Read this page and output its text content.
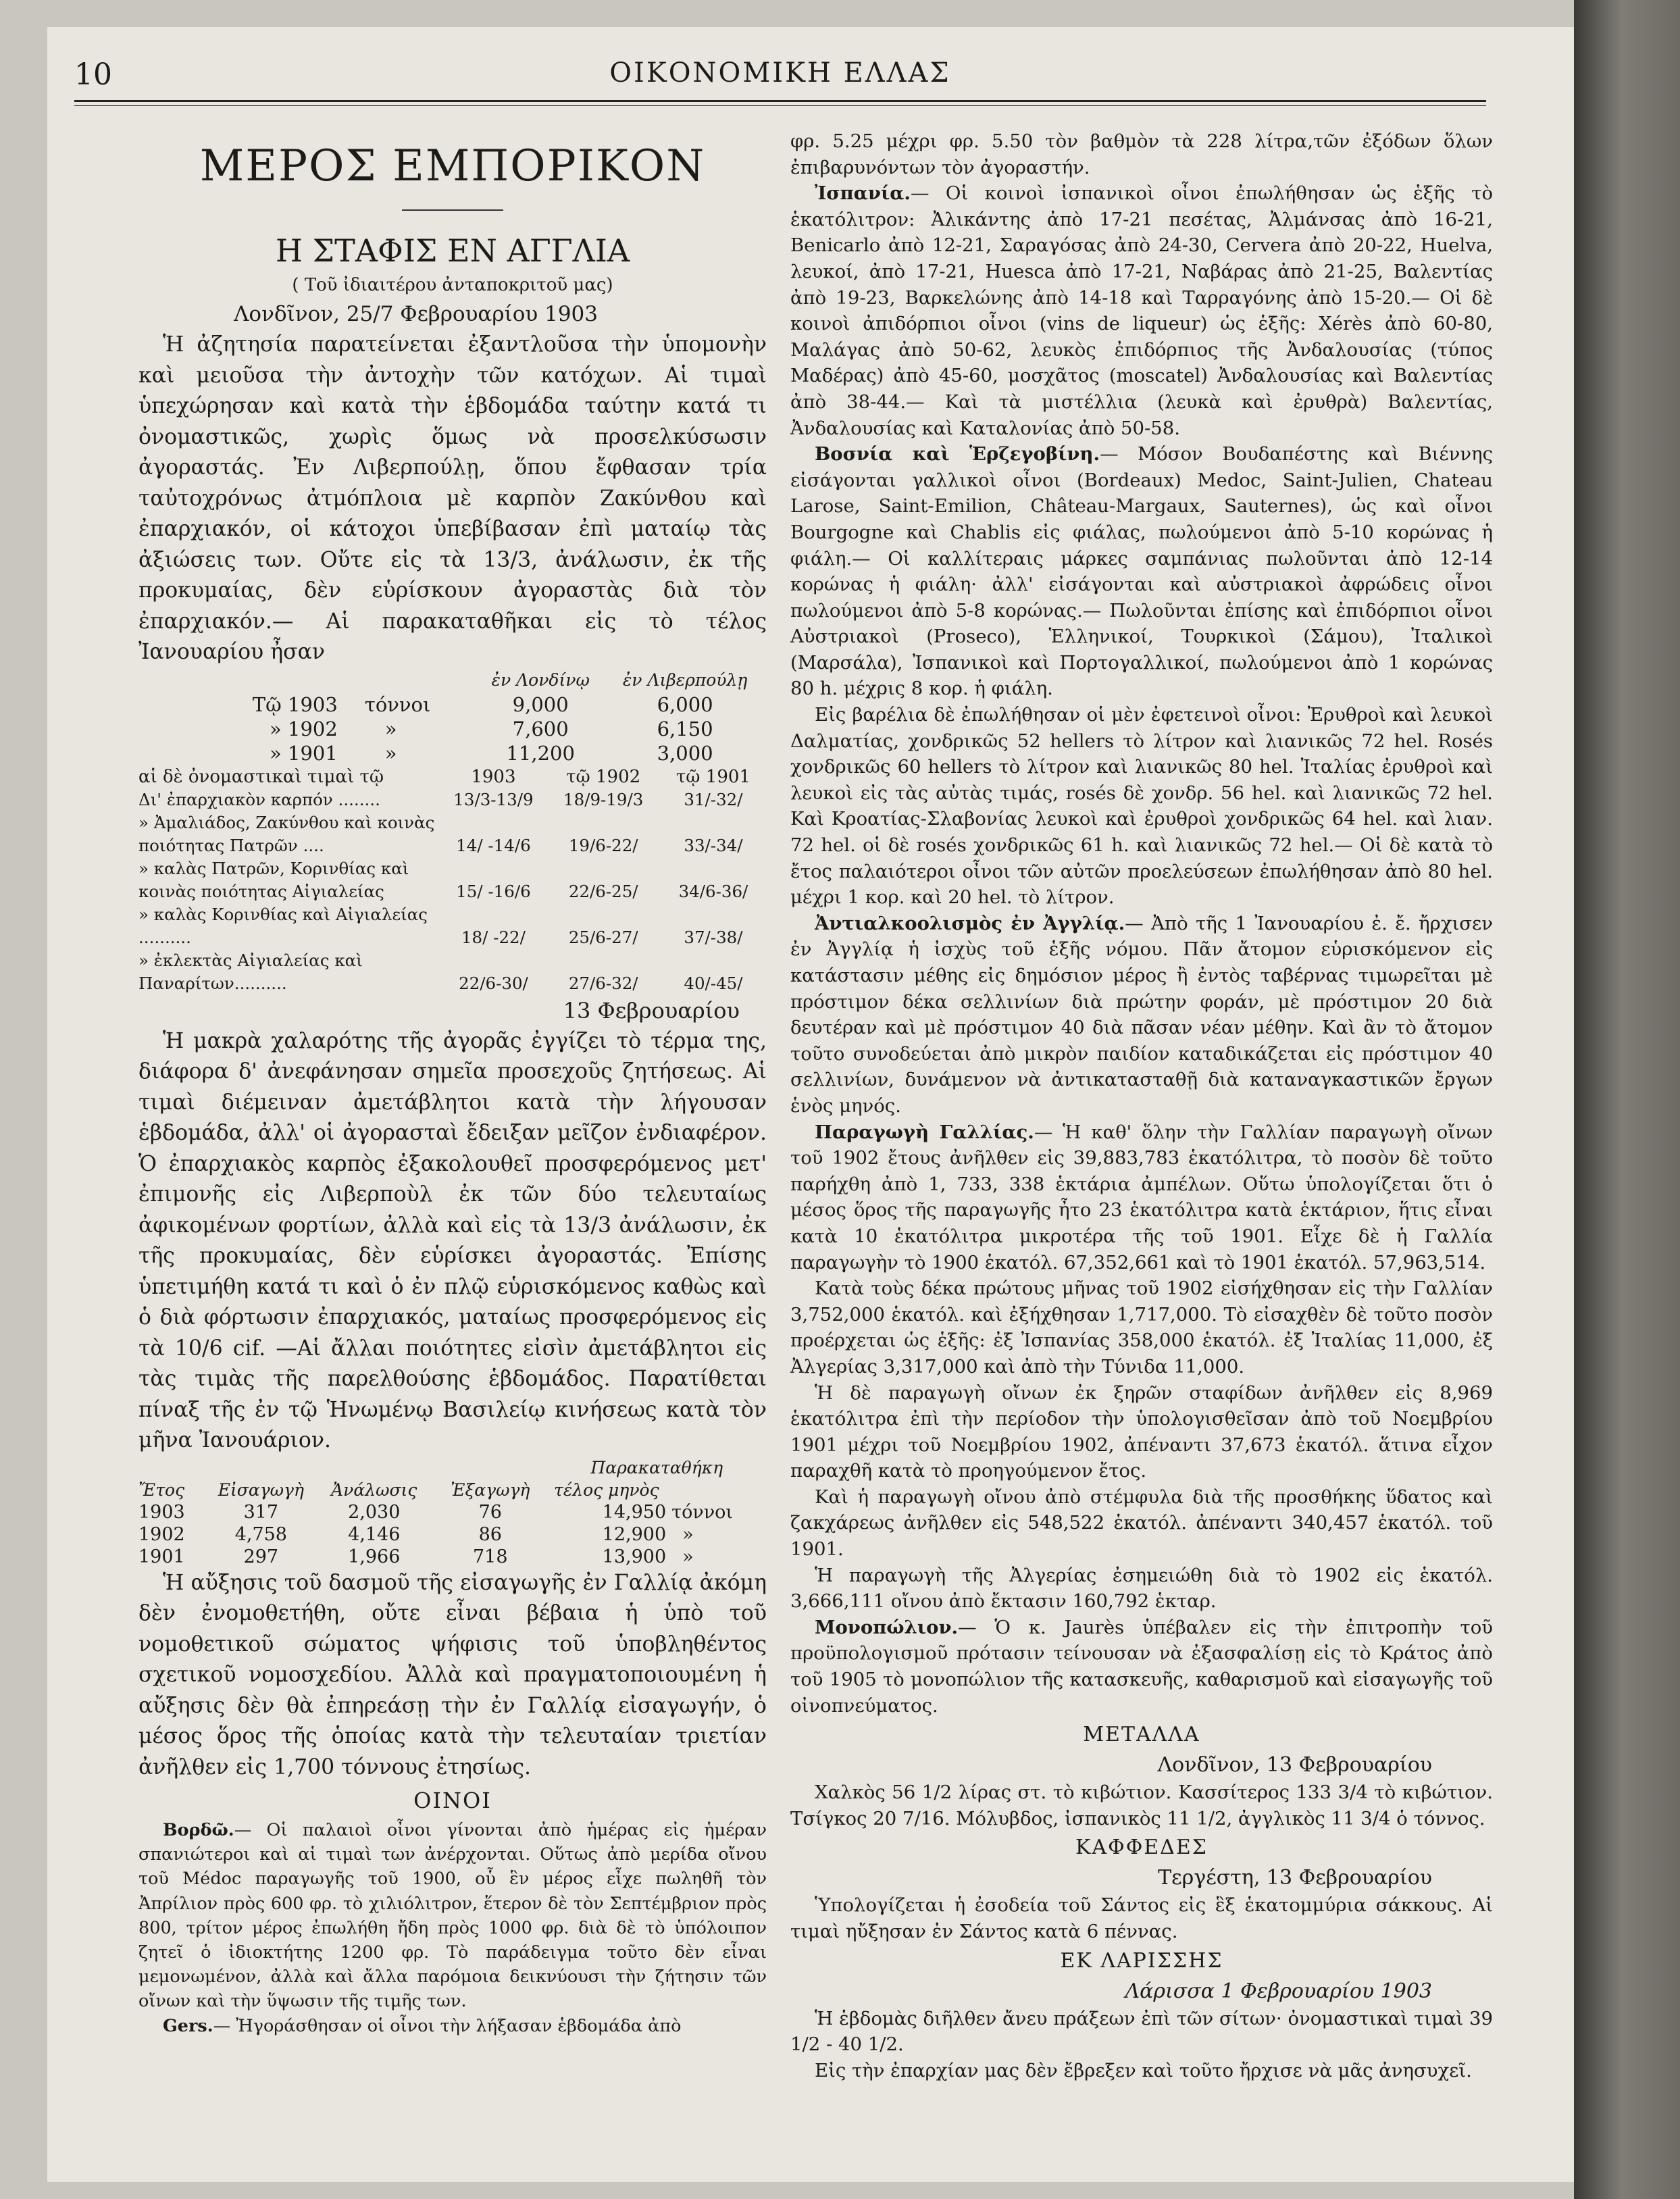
10	ΟΙΚΟΝΟΜΙΚΗ ΕΛΛΑΣ
ΜΕΡΟΣ ΕΜΠΟΡΙΚΟΝ
Η ΣΤΑΦΙΣ ΕΝ ΑΓΓΛΙΑ
( Τοῦ ἰδιαιτέρου ἀνταποκριτοῦ μας)
Λονδῖνον, 25/7 Φεβρουαρίου 1903

Ἡ ἀζητησία παρατείνεται ἐξαντλοῦσα τὴν ὑπομονὴν καὶ μειοῦσα τὴν ἀντοχὴν τῶν κατόχων. Αἱ τιμαὶ ὑπεχώρησαν καὶ κατὰ τὴν ἑβδομάδα ταύτην κατά τι ὀνομαστικῶς, χωρὶς ὅμως νὰ προσελκύσωσιν ἀγοραστάς. Ἐν Λιβερπούλῃ, ὅπου ἔφθασαν τρία ταὐτοχρόνως ἀτμόπλοια μὲ καρπὸν Ζακύνθου καὶ ἐπαρχιακόν, οἱ κάτοχοι ὑπεβίβασαν ἐπὶ ματαίῳ τὰς ἀξιώσεις των. Οὔτε εἰς τὰ 13/3, ἀνάλωσιν, ἐκ τῆς προκυμαίας, δὲν εὑρίσκουν ἀγοραστὰς διὰ τὸν ἐπαρχιακόν.— Αἱ παρακαταθῆκαι εἰς τὸ τέλος Ἰανουαρίου ἦσαν

		ἐν Λονδίνῳ	ἐν Λιβερπούλῃ
Τῷ 1903	τόννοι	9,000	6,000
» 1902	»	7,600	6,150
» 1901	»	11,200	3,000
αἱ δὲ ὀνομαστικαὶ τιμαὶ τῷ	1903	τῷ 1902	τῷ 1901
Δι' ἐπαρχιακὸν καρπόν ........	13/3-13/9	18/9-19/3	31/-32/
» Ἀμαλιάδος, Ζακύνθου καὶ κοινὰς ποιότητας Πατρῶν ....	14/ -14/6	19/6-22/	33/-34/
» καλὰς Πατρῶν, Κορινθίας καὶ κοινὰς ποιότητας Αἰγιαλείας	15/ -16/6	22/6-25/	34/6-36/
» καλὰς Κορινθίας καὶ Αἰγιαλείας ..........	18/ -22/	25/6-27/	37/-38/
» ἐκλεκτὰς Αἰγιαλείας καὶ Παναρίτων..........	22/6-30/	27/6-32/	40/-45/
13 Φεβρουαρίου

Ἡ μακρὰ χαλαρότης τῆς ἀγορᾶς ἐγγίζει τὸ τέρμα της, διάφορα δ' ἀνεφάνησαν σημεῖα προσεχοῦς ζητήσεως. Αἱ τιμαὶ διέμειναν ἀμετάβλητοι κατὰ τὴν λήγουσαν ἑβδομάδα, ἀλλ' οἱ ἀγορασταὶ ἔδειξαν μεῖζον ἐνδιαφέρον. Ὁ ἐπαρχιακὸς καρπὸς ἐξακολουθεῖ προσφερόμενος μετ' ἐπιμονῆς εἰς Λιβερποὺλ ἐκ τῶν δύο τελευταίως ἀφικομένων φορτίων, ἀλλὰ καὶ εἰς τὰ 13/3 ἀνάλωσιν, ἐκ τῆς προκυμαίας, δὲν εὑρίσκει ἀγοραστάς. Ἐπίσης ὑπετιμήθη κατά τι καὶ ὁ ἐν πλῷ εὑρισκόμενος καθὼς καὶ ὁ διὰ φόρτωσιν ἐπαρχιακός, ματαίως προσφερόμενος εἰς τὰ 10/6 cif. —Αἱ ἄλλαι ποιότητες εἰσὶν ἀμετάβλητοι εἰς τὰς τιμὰς τῆς παρελθούσης ἑβδομάδος. Παρατίθεται πίναξ τῆς ἐν τῷ Ἡνωμένῳ Βασιλείῳ κινήσεως κατὰ τὸν μῆνα Ἰανουάριον.

				Παρακαταθήκη	
Ἔτος	Εἰσαγωγὴ	Ἀνάλωσις	Ἐξαγωγὴ	τέλος μηνὸς	
1903	317	2,030	76	14,950	τόννοι
1902	4,758	4,146	86	12,900	»
1901	297	1,966	718	13,900	»

Ἡ αὔξησις τοῦ δασμοῦ τῆς εἰσαγωγῆς ἐν Γαλλίᾳ ἀκόμη δὲν ἐνομοθετήθη, οὔτε εἶναι βέβαια ἡ ὑπὸ τοῦ νομοθετικοῦ σώματος ψήφισις τοῦ ὑποβληθέντος σχετικοῦ νομοσχεδίου. Ἀλλὰ καὶ πραγματοποιουμένη ἡ αὔξησις δὲν θὰ ἐπηρεάσῃ τὴν ἐν Γαλλίᾳ εἰσαγωγήν, ὁ μέσος ὅρος τῆς ὁποίας κατὰ τὴν τελευταίαν τριετίαν ἀνῆλθεν εἰς 1,700 τόννους ἐτησίως.

ΟΙΝΟΙ

Βορδῶ.— Οἱ παλαιοὶ οἶνοι γίνονται ἀπὸ ἡμέρας εἰς ἡμέραν σπανιώτεροι καὶ αἱ τιμαὶ των ἀνέρχονται. Οὕτως ἀπὸ μερίδα οἴνου τοῦ Médoc παραγωγῆς τοῦ 1900, οὗ ἓν μέρος εἶχε πωληθῆ τὸν Ἀπρίλιον πρὸς 600 φρ. τὸ χιλιόλιτρον, ἕτερον δὲ τὸν Σεπτέμβριον πρὸς 800, τρίτον μέρος ἐπωλήθη ἤδη πρὸς 1000 φρ. διὰ δὲ τὸ ὑπόλοιπον ζητεῖ ὁ ἰδιοκτήτης 1200 φρ. Τὸ παράδειγμα τοῦτο δὲν εἶναι μεμονωμένον, ἀλλὰ καὶ ἄλλα παρόμοια δεικνύουσι τὴν ζήτησιν τῶν οἴνων καὶ τὴν ὕψωσιν τῆς τιμῆς των.

Gers.— Ἠγοράσθησαν οἱ οἶνοι τὴν λήξασαν ἑβδομάδα ἀπὸ

φρ. 5.25 μέχρι φρ. 5.50 τὸν βαθμὸν τὰ 228 λίτρα,τῶν ἐξόδων ὅλων ἐπιβαρυνόντων τὸν ἀγοραστήν.

Ἰσπανία.— Οἱ κοινοὶ ἰσπανικοὶ οἶνοι ἐπωλήθησαν ὡς ἑξῆς τὸ ἑκατόλιτρον: Ἀλικάντης ἀπὸ 17-21 πεσέτας, Ἀλμάνσας ἀπὸ 16-21, Benicarlo ἀπὸ 12-21, Σαραγόσας ἀπὸ 24-30, Cervera ἀπὸ 20-22, Huelva, λευκοί, ἀπὸ 17-21, Huesca ἀπὸ 17-21, Ναβάρας ἀπὸ 21-25, Βαλεντίας ἀπὸ 19-23, Βαρκελώνης ἀπὸ 14-18 καὶ Ταρραγόνης ἀπὸ 15-20.— Οἱ δὲ κοινοὶ ἀπιδόρπιοι οἶνοι (vins de liqueur) ὡς ἑξῆς: Xérès ἀπὸ 60-80, Μαλάγας ἀπὸ 50-62, λευκὸς ἐπιδόρπιος τῆς Ἀνδαλουσίας (τύπος Μαδέρας) ἀπὸ 45-60, μοσχᾶτος (moscatel) Ἀνδαλουσίας καὶ Βαλεντίας ἀπὸ 38-44.— Καὶ τὰ μιστέλλια (λευκὰ καὶ ἐρυθρὰ) Βαλεντίας, Ἀνδαλουσίας καὶ Καταλονίας ἀπὸ 50-58.

Βοσνία καὶ Ἑρζεγοβίνη.— Μόσον Βουδαπέστης καὶ Βιέννης εἰσάγονται γαλλικοὶ οἶνοι (Bordeaux) Medoc, Saint-Julien, Chateau Larose, Saint-Emilion, Château-Margaux, Sauternes), ὡς καὶ οἶνοι Bourgogne καὶ Chablis εἰς φιάλας, πωλούμενοι ἀπὸ 5-10 κορώνας ἡ φιάλη.— Οἱ καλλίτεραις μάρκες σαμπάνιας πωλοῦνται ἀπὸ 12-14 κορώνας ἡ φιάλη· ἀλλ' εἰσάγονται καὶ αὐστριακοὶ ἀφρώδεις οἶνοι πωλούμενοι ἀπὸ 5-8 κορώνας.— Πωλοῦνται ἐπίσης καὶ ἐπιδόρπιοι οἶνοι Αὐστριακοὶ (Proseco), Ἑλληνικοί, Τουρκικοὶ (Σάμου), Ἰταλικοὶ (Μαρσάλα), Ἰσπανικοὶ καὶ Πορτογαλλικοί, πωλούμενοι ἀπὸ 1 κορώνας 80 h. μέχρις 8 κορ. ἡ φιάλη.

Εἰς βαρέλια δὲ ἐπωλήθησαν οἱ μὲν ἐφετεινοὶ οἶνοι: Ἐρυθροὶ καὶ λευκοὶ Δαλματίας, χονδρικῶς 52 hellers τὸ λίτρον καὶ λιανικῶς 72 hel. Rosés χονδρικῶς 60 hellers τὸ λίτρον καὶ λιανικῶς 80 hel. Ἰταλίας ἐρυθροὶ καὶ λευκοὶ εἰς τὰς αὐτὰς τιμάς, rosés δὲ χονδρ. 56 hel. καὶ λιανικῶς 72 hel. Καὶ Κροατίας-Σλαβονίας λευκοὶ καὶ ἐρυθροὶ χονδρικῶς 64 hel. καὶ λιαν. 72 hel. οἱ δὲ rosés χονδρικῶς 61 h. καὶ λιανικῶς 72 hel.— Οἱ δὲ κατὰ τὸ ἔτος παλαιότεροι οἶνοι τῶν αὐτῶν προελεύσεων ἐπωλήθησαν ἀπὸ 80 hel. μέχρι 1 κορ. καὶ 20 hel. τὸ λίτρον.

Ἀντιαλκοολισμὸς ἐν Ἀγγλίᾳ.— Ἀπὸ τῆς 1 Ἰανουαρίου ἐ. ἔ. ἤρχισεν ἐν Ἀγγλίᾳ ἡ ἰσχὺς τοῦ ἑξῆς νόμου. Πᾶν ἄτομον εὑρισκόμενον εἰς κατάστασιν μέθης εἰς δημόσιον μέρος ἢ ἐντὸς ταβέρνας τιμωρεῖται μὲ πρόστιμον δέκα σελλινίων διὰ πρώτην φοράν, μὲ πρόστιμον 20 διὰ δευτέραν καὶ μὲ πρόστιμον 40 διὰ πᾶσαν νέαν μέθην. Καὶ ἂν τὸ ἄτομον τοῦτο συνοδεύεται ἀπὸ μικρὸν παιδίον καταδικάζεται εἰς πρόστιμον 40 σελλινίων, δυνάμενον νὰ ἀντικατασταθῇ διὰ καταναγκαστικῶν ἔργων ἑνὸς μηνός.

Παραγωγὴ Γαλλίας.— Ἡ καθ' ὅλην τὴν Γαλλίαν παραγωγὴ οἴνων τοῦ 1902 ἔτους ἀνῆλθεν εἰς 39,883,783 ἑκατόλιτρα, τὸ ποσὸν δὲ τοῦτο παρήχθη ἀπὸ 1, 733, 338 ἑκτάρια ἀμπέλων. Οὕτω ὑπολογίζεται ὅτι ὁ μέσος ὅρος τῆς παραγωγῆς ἦτο 23 ἑκατόλιτρα κατὰ ἑκτάριον, ἥτις εἶναι κατὰ 10 ἑκατόλιτρα μικροτέρα τῆς τοῦ 1901. Εἶχε δὲ ἡ Γαλλία παραγωγὴν τὸ 1900 ἑκατόλ. 67,352,661 καὶ τὸ 1901 ἑκατόλ. 57,963,514.

Κατὰ τοὺς δέκα πρώτους μῆνας τοῦ 1902 εἰσήχθησαν εἰς τὴν Γαλλίαν 3,752,000 ἑκατόλ. καὶ ἐξήχθησαν 1,717,000. Τὸ εἰσαχθὲν δὲ τοῦτο ποσὸν προέρχεται ὡς ἑξῆς: ἐξ Ἰσπανίας 358,000 ἑκατόλ. ἐξ Ἰταλίας 11,000, ἐξ Ἀλγερίας 3,317,000 καὶ ἀπὸ τὴν Τύνιδα 11,000.

Ἡ δὲ παραγωγὴ οἴνων ἐκ ξηρῶν σταφίδων ἀνῆλθεν εἰς 8,969 ἑκατόλιτρα ἐπὶ τὴν περίοδον τὴν ὑπολογισθεῖσαν ἀπὸ τοῦ Νοεμβρίου 1901 μέχρι τοῦ Νοεμβρίου 1902, ἀπέναντι 37,673 ἑκατόλ. ἅτινα εἶχον παραχθῆ κατὰ τὸ προηγούμενον ἔτος.

Καὶ ἡ παραγωγὴ οἴνου ἀπὸ στέμφυλα διὰ τῆς προσθήκης ὕδατος καὶ ζακχάρεως ἀνῆλθεν εἰς 548,522 ἑκατόλ. ἀπέναντι 340,457 ἑκατόλ. τοῦ 1901.

Ἡ παραγωγὴ τῆς Ἀλγερίας ἐσημειώθη διὰ τὸ 1902 εἰς ἑκατόλ. 3,666,111 οἴνου ἀπὸ ἔκτασιν 160,792 ἑκταρ.

Μονοπώλιον.— Ὁ κ. Jaurès ὑπέβαλεν εἰς τὴν ἐπιτροπὴν τοῦ προϋπολογισμοῦ πρότασιν τείνουσαν νὰ ἐξασφαλίσῃ εἰς τὸ Κράτος ἀπὸ τοῦ 1905 τὸ μονοπώλιον τῆς κατασκευῆς, καθαρισμοῦ καὶ εἰσαγωγῆς τοῦ οἰνοπνεύματος.

ΜΕΤΑΛΛΑ
Λονδῖνον, 13 Φεβρουαρίου

Χαλκὸς 56 1/2 λίρας στ. τὸ κιβώτιον. Κασσίτερος 133 3/4 τὸ κιβώτιον. Τσίγκος 20 7/16. Μόλυβδος, ἰσπανικὸς 11 1/2, ἀγγλικὸς 11 3/4 ὁ τόννος.

ΚΑΦΦΕΔΕΣ
Τεργέστη, 13 Φεβρουαρίου

Ὑπολογίζεται ἡ ἐσοδεία τοῦ Σάντος εἰς ἓξ ἑκατομμύρια σάκκους. Αἱ τιμαὶ ηὔξησαν ἐν Σάντος κατὰ 6 πέννας.

ΕΚ ΛΑΡΙΣΣΗΣ
Λάρισσα 1 Φεβρουαρίου 1903

Ἡ ἑβδομὰς διῆλθεν ἄνευ πράξεων ἐπὶ τῶν σίτων· ὀνομαστικαὶ τιμαὶ 39 1/2 - 40 1/2.

Εἰς τὴν ἐπαρχίαν μας δὲν ἔβρεξεν καὶ τοῦτο ἤρχισε νὰ μᾶς ἀνησυχεῖ.
